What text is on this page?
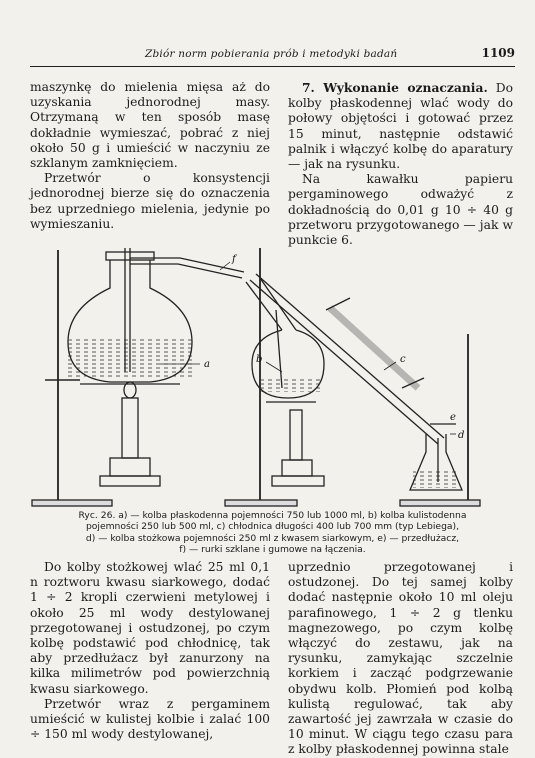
Zbiór norm pobierania prób i metodyki badań	1109

maszynkę do mielenia mięsa aż do uzyskania jednorodnej masy. Otrzymaną w ten sposób masę dokładnie wymieszać, pobrać z niej około 50 g i umieścić w naczyniu ze szklanym zamknięciem.

Przetwór o konsystencji jednorodnej bierze się do oznaczenia bez uprzedniego mielenia, jedynie po wymieszaniu.

7. Wykonanie oznaczania. Do kolby płaskodennej wlać wody do połowy objętości i gotować przez 15 minut, następnie odstawić palnik i włączyć kolbę do aparatury — jak na rysunku.

Na kawałku papieru pergaminowego odważyć z dokładnością do 0,01 g 10 ÷ 40 g przetworu przygotowanego — jak w punkcie 6.

a	b	c
d
e
f

Ryc. 26. a) — kolba płaskodenna pojemności 750 lub 1000 ml, b) kolba kulistodenna

pojemności 250 lub 500 ml, c) chłodnica długości 400 lub 700 mm (typ Lebiega),

d) — kolba stożkowa pojemności 250 ml z kwasem siarkowym, e) — przedłużacz,

f) — rurki szklane i gumowe na łączenia.

Do kolby stożkowej wlać 25 ml 0,1 n roztworu kwasu siarkowego, dodać 1 ÷ 2 kropli czerwieni metylowej i około 25 ml wody destylowanej przegotowanej i ostudzonej, po czym kolbę podstawić pod chłodnicę, tak aby przedłużacz był zanurzony na kilka milimetrów pod powierzchnią kwasu siarkowego.

Przetwór wraz z pergaminem umieścić w kulistej kolbie i zalać 100 ÷ 150 ml wody destylowanej,

uprzednio przegotowanej i ostudzonej. Do tej samej kolby dodać następnie około 10 ml oleju parafinowego, 1 ÷ 2 g tlenku magnezowego, po czym kolbę włączyć do zestawu, jak na rysunku, zamykając szczelnie korkiem i zacząć podgrzewanie obydwu kolb. Płomień pod kolbą kulistą regulować, tak aby zawartość jej zawrzała w czasie do 10 minut. W ciągu tego czasu para z kolby płaskodennej powinna stale
